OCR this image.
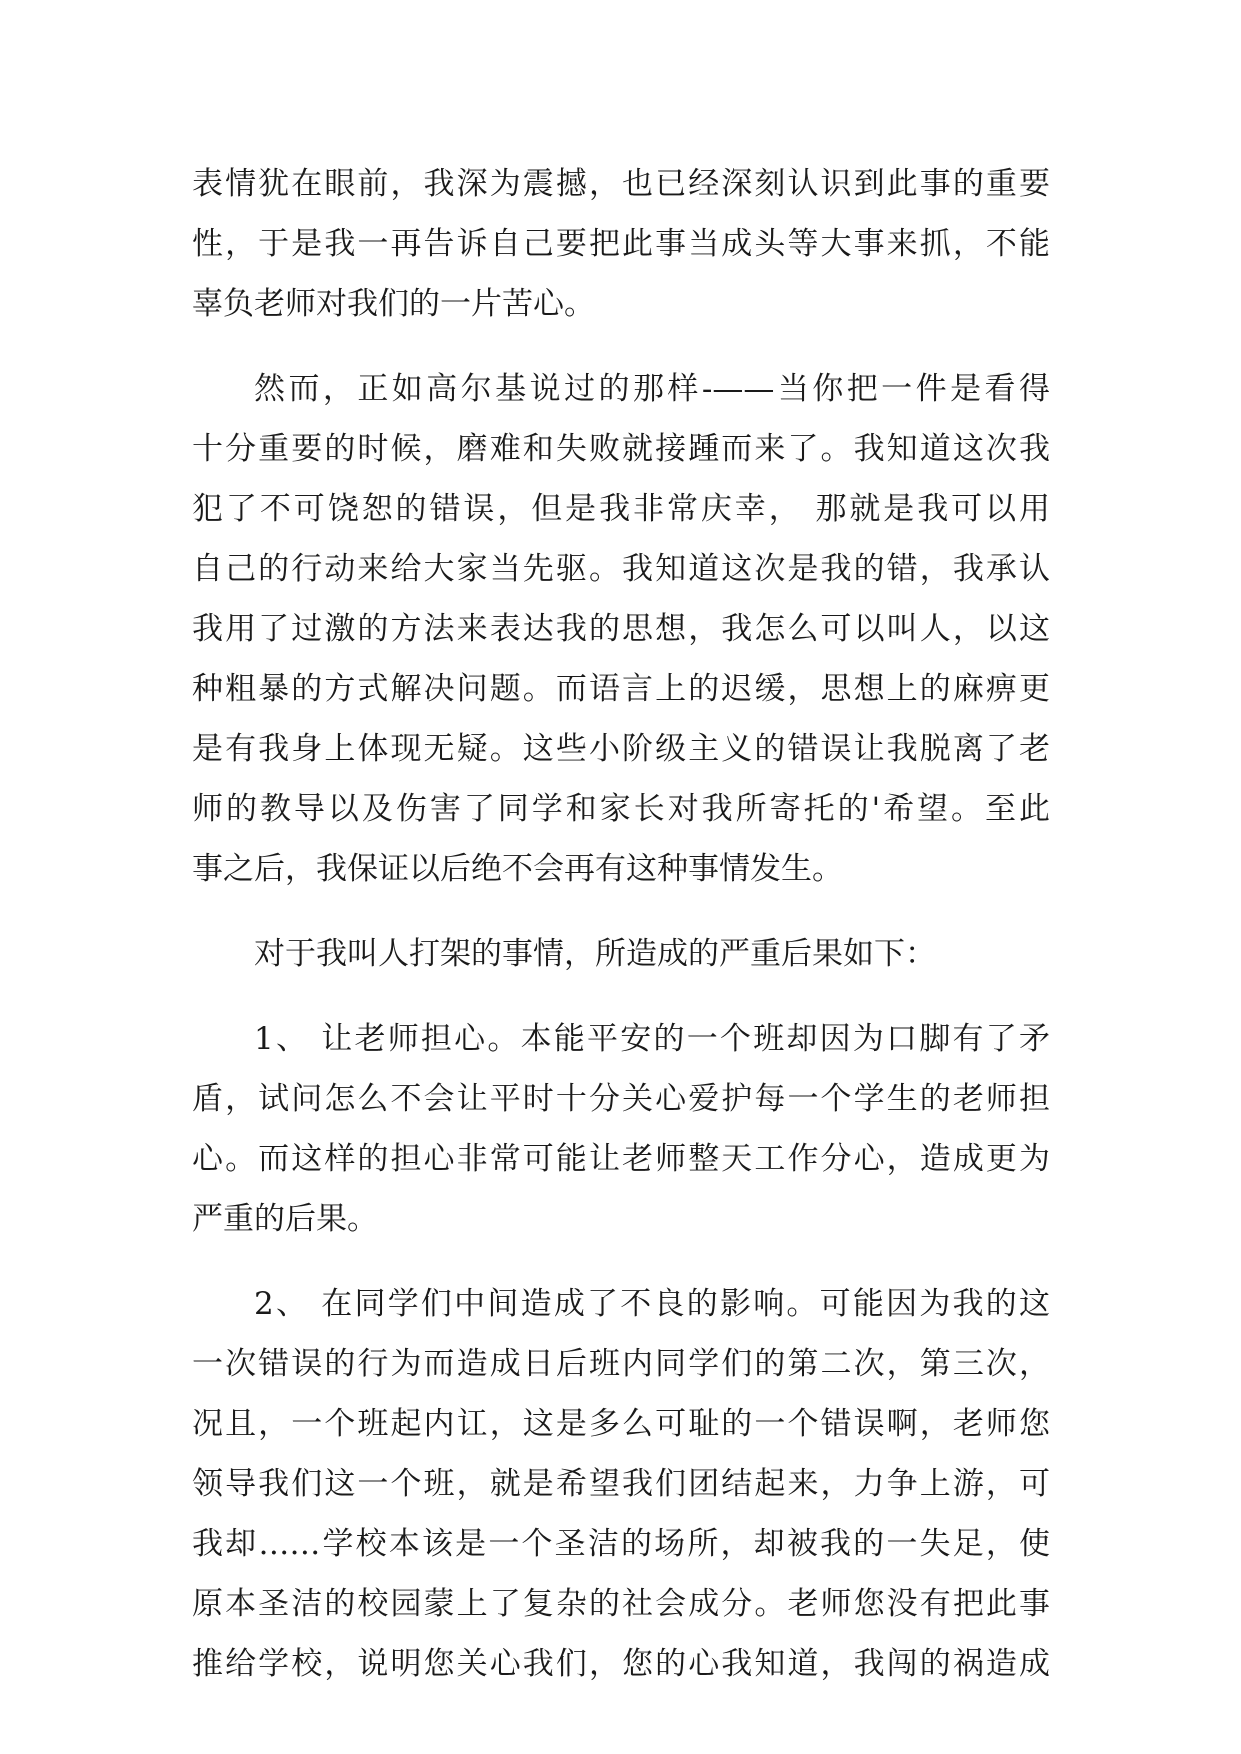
表情犹在眼前，我深为震撼，也已经深刻认识到此事的重要
性，于是我一再告诉自己要把此事当成头等大事来抓，不能
辜负老师对我们的一片苦心。
然而，正如高尔基说过的那样-——当你把一件是看得
十分重要的时候，磨难和失败就接踵而来了。我知道这次我
犯了不可饶恕的错误，但是我非常庆幸， 那就是我可以用
自己的行动来给大家当先驱。我知道这次是我的错，我承认
我用了过激的方法来表达我的思想，我怎么可以叫人，以这
种粗暴的方式解决问题。而语言上的迟缓，思想上的麻痹更
是有我身上体现无疑。这些小阶级主义的错误让我脱离了老
师的教导以及伤害了同学和家长对我所寄托的'希望。至此
事之后，我保证以后绝不会再有这种事情发生。
对于我叫人打架的事情，所造成的严重后果如下：
1、 让老师担心。本能平安的一个班却因为口脚有了矛
盾，试问怎么不会让平时十分关心爱护每一个学生的老师担
心。而这样的担心非常可能让老师整天工作分心，造成更为
严重的后果。
2、 在同学们中间造成了不良的影响。可能因为我的这
一次错误的行为而造成日后班内同学们的第二次，第三次，
况且，一个班起内讧，这是多么可耻的一个错误啊，老师您
领导我们这一个班，就是希望我们团结起来，力争上游，可
我却……学校本该是一个圣洁的场所，却被我的一失足，使
原本圣洁的校园蒙上了复杂的社会成分。老师您没有把此事
推给学校，说明您关心我们，您的心我知道，我闯的祸造成
